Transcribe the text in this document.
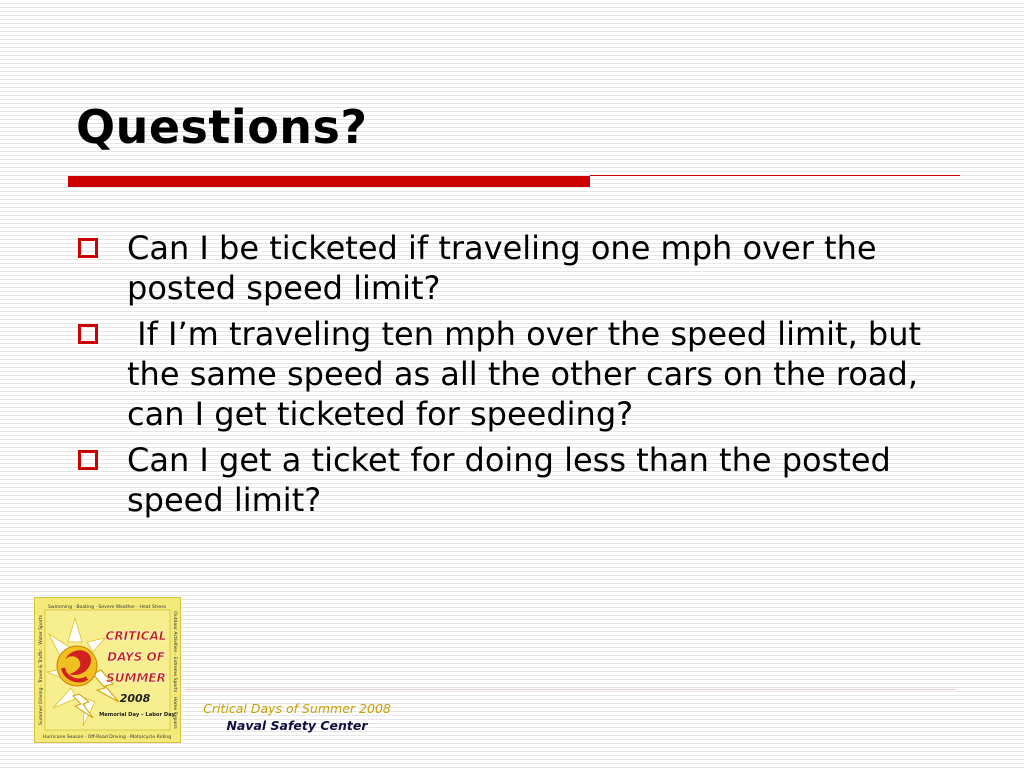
Questions?
Can I be ticketed if traveling one mph over the posted speed limit?
If I’m traveling ten mph over the speed limit, but the same speed as all the other cars on the road, can I get ticketed for speeding?
Can I get a ticket for doing less than the posted speed limit?
Swimming · Boating · Severe Weather · Heat Stress
Hurricane Season · Off-Road Driving · Motorcycle Riding
Summer Driving · Travel & Traffic · Water Sports	Outdoor Activities · Extreme Sports · Home Repairs
CRITICAL
DAYS OF
SUMMER
2008
Memorial Day – Labor Day	Critical Days of Summer 2008
Naval Safety Center
